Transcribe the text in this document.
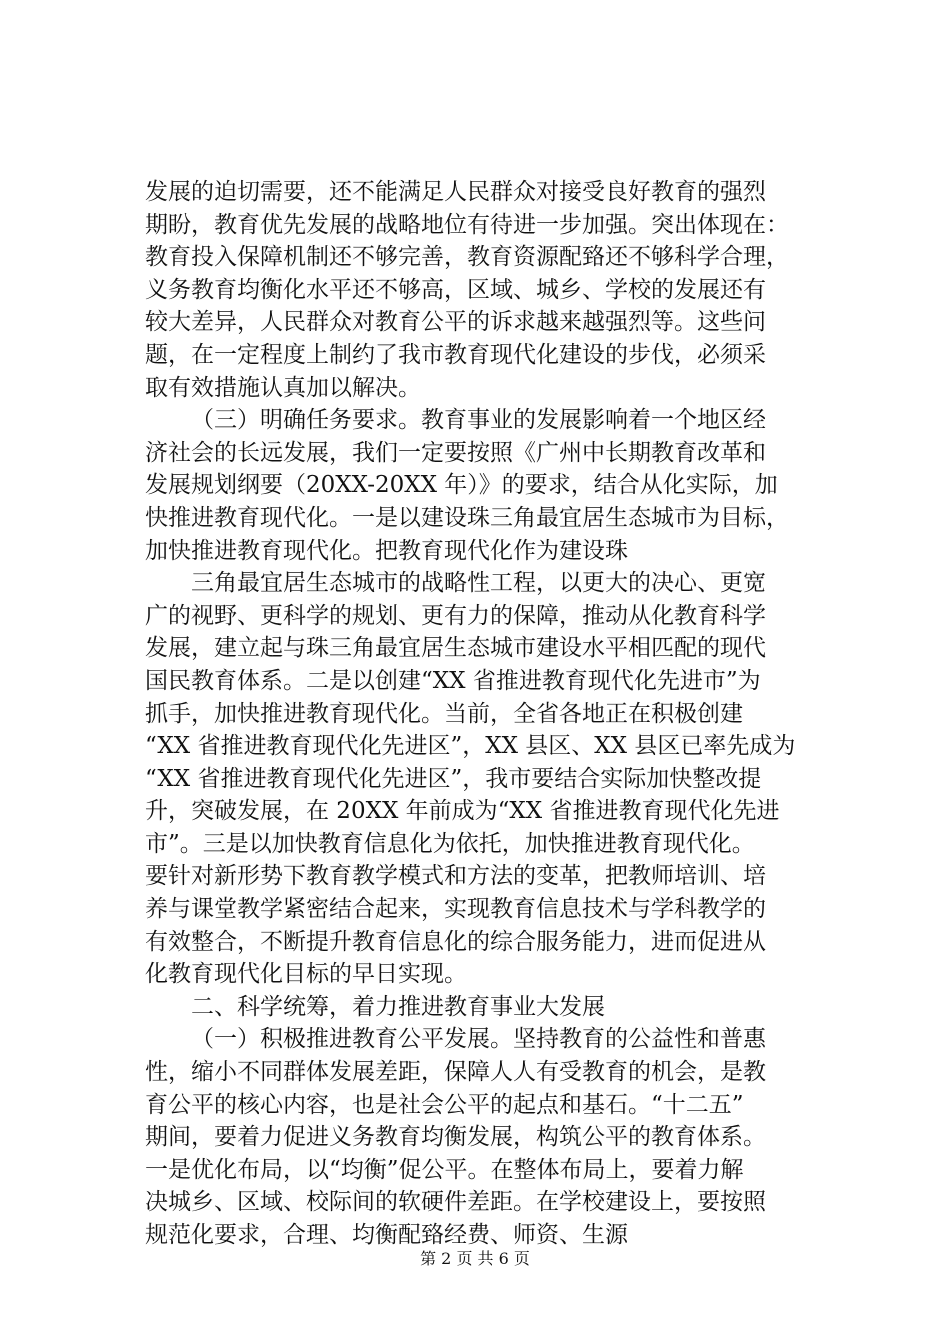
发展的迫切需要，还不能满足人民群众对接受良好教育的强烈
期盼，教育优先发展的战略地位有待进一步加强。突出体现在：
教育投入保障机制还不够完善，教育资源配臵还不够科学合理，
义务教育均衡化水平还不够高，区域、城乡、学校的发展还有
较大差异，人民群众对教育公平的诉求越来越强烈等。这些问
题，在一定程度上制约了我市教育现代化建设的步伐，必须采
取有效措施认真加以解决。
（三）明确任务要求。教育事业的发展影响着一个地区经
济社会的长远发展，我们一定要按照《广州中长期教育改革和
发展规划纲要（20XX-20XX 年）》的要求，结合从化实际，加
快推进教育现代化。一是以建设珠三角最宜居生态城市为目标，
加快推进教育现代化。把教育现代化作为建设珠
三角最宜居生态城市的战略性工程，以更大的决心、更宽
广的视野、更科学的规划、更有力的保障，推动从化教育科学
发展，建立起与珠三角最宜居生态城市建设水平相匹配的现代
国民教育体系。二是以创建“XX 省推进教育现代化先进市”为
抓手，加快推进教育现代化。当前，全省各地正在积极创建
“XX 省推进教育现代化先进区”，XX 县区、XX 县区已率先成为
“XX 省推进教育现代化先进区”，我市要结合实际加快整改提
升，突破发展，在 20XX 年前成为“XX 省推进教育现代化先进
市”。三是以加快教育信息化为依托，加快推进教育现代化。
要针对新形势下教育教学模式和方法的变革，把教师培训、培
养与课堂教学紧密结合起来，实现教育信息技术与学科教学的
有效整合，不断提升教育信息化的综合服务能力，进而促进从
化教育现代化目标的早日实现。
二、科学统筹，着力推进教育事业大发展
（一）积极推进教育公平发展。坚持教育的公益性和普惠
性，缩小不同群体发展差距，保障人人有受教育的机会，是教
育公平的核心内容，也是社会公平的起点和基石。“十二五”
期间，要着力促进义务教育均衡发展，构筑公平的教育体系。
一是优化布局，以“均衡”促公平。在整体布局上，要着力解
决城乡、区域、校际间的软硬件差距。在学校建设上，要按照
规范化要求，合理、均衡配臵经费、师资、生源
第 2 页 共 6 页
